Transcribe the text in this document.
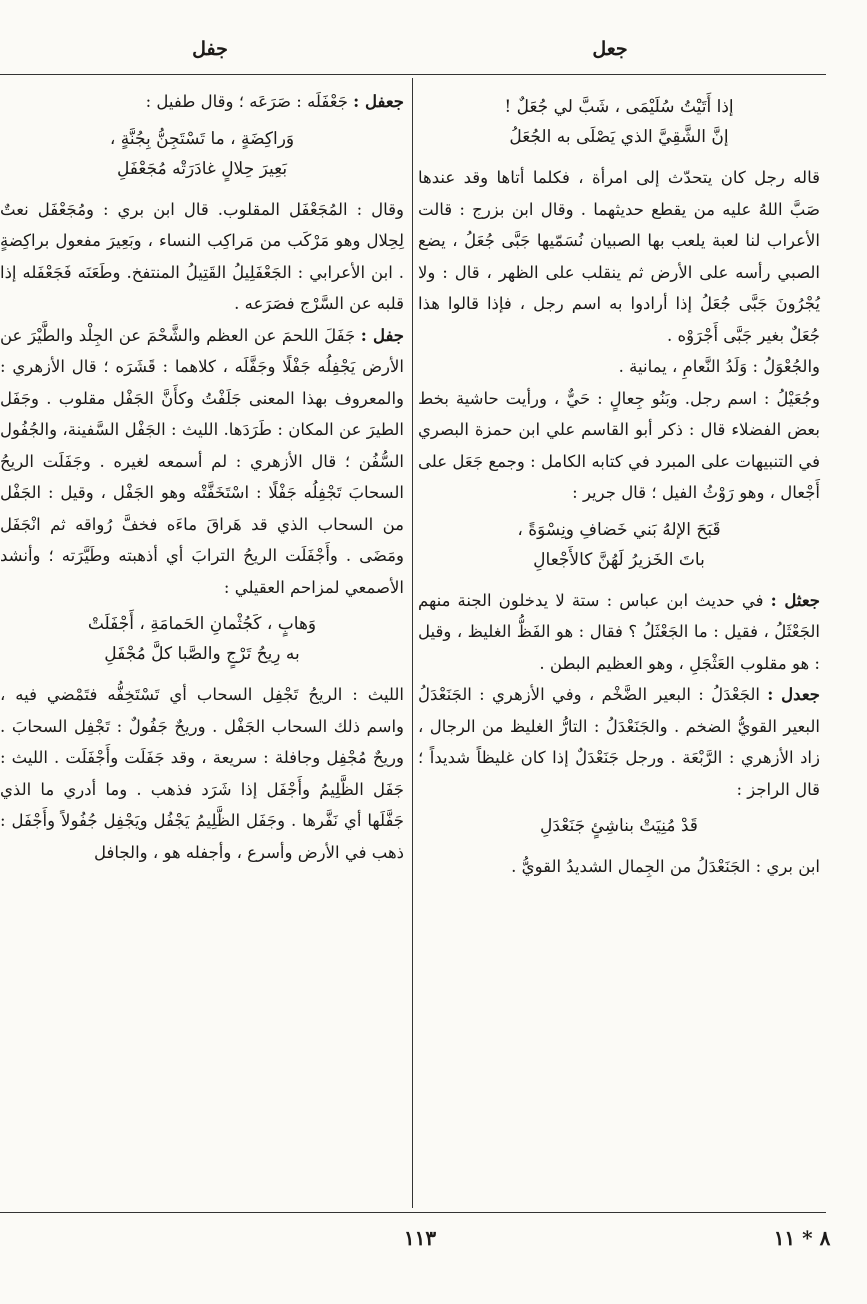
جعل
جفل
إذا أَتَيْتُ سُلَيْمَى ، شَبَّ لي جُعَلٌ !
إنَّ الشَّقِيَّ الذي يَصْلَى به الجُعَلُ

قاله رجل كان يتحدّث إلى امرأة ، فكلما أتاها وقد عندها صَبَّ اللهُ عليه من يقطع حديثهما . وقال ابن بزرج : قالت الأعراب لنا لعبة يلعب بها الصبيان نُسَمّيها جَبَّى جُعَلُ ، يضع الصبي رأسه على الأرض ثم ينقلب على الظهر ، قال : ولا يُجْرُونَ جَبَّى جُعَلُ إذا أرادوا به اسم رجل ، فإذا قالوا هذا جُعَلٌ بغير جَبَّى أَجْرَوْه .

والجُعْوَلُ : وَلَدُ النَّعامِ ، يمانية .

وجُعَيْلُ : اسم رجل. وبَنُو جِعالٍ : حَيٌّ ، ورأيت حاشية بخط بعض الفضلاء قال : ذكر أبو القاسم علي ابن حمزة البصري في التنبيهات على المبرد في كتابه الكامل : وجمع جَعَل على أَجْعال ، وهو رَوْثُ الفيل ؛ قال جرير :

قَبَحَ الإلهُ بَني خَضافِ ونِسْوَةً ،
باتَ الخَزيرُ لَهُنَّ كالأَجْعالِ

جعثل : في حديث ابن عباس : ستة لا يدخلون الجنة منهم الجَعْثَلُ ، فقيل : ما الجَعْثَلُ ؟ فقال : هو الفَظُّ الغليظ ، وقيل : هو مقلوب العَثْجَلِ ، وهو العظيم البطن .

جعدل : الجَعْدَلُ : البعير الضَّخْم ، وفي الأزهري : الجَنَعْدَلُ البعير القويُّ الضخم . والجَنَعْدَلُ : التارُّ الغليظ من الرجال ، زاد الأزهري : الرَّبْعَة . ورجل جَنَعْدَلٌ إذا كان غليظاً شديداً ؛ قال الراجز :

قَدْ مُنِيَتْ بناشِئٍ جَنَعْدَلِ

ابن بري : الجَنَعْدَلُ من الجِمال الشديدُ القويُّ .

جعفل : جَعْفَلَه : صَرَعَه ؛ وقال طفيل :

وَراكِضَةٍ ، ما تَسْتَجِنُّ بِجُنَّةٍ ،
بَعِيرَ حِلالٍ غادَرَتْه مُجَعْفَلِ

وقال : المُجَعْفَل المقلوب. قال ابن بري : ومُجَعْفَل نعتٌ لِحِلال وهو مَرْكَب من مَراكِب النساء ، وبَعِيرَ مفعول براكِضةٍ . ابن الأعرابي : الجَعْفَلِيلُ القَتِيلُ المنتفخ. وطَعَنَه فَجَعْفَله إذا قلبه عن السَّرْج فصَرَعه .

جفل : جَفَلَ اللحمَ عن العظم والشَّحْمَ عن الجِلْد والطَّيْرَ عن الأرض يَجْفِلُه جَفْلًا وجَفَّلَه ، كلاهما : قَشَرَه ؛ قال الأزهري : والمعروف بهذا المعنى جَلَفْتُ وكأَنَّ الجَفْل مقلوب . وجَفَل الطيرَ عن المكان : طَرَدَها. الليث : الجَفْل السَّفينة، والجُفُول السُّفُن ؛ قال الأزهري : لم أسمعه لغيره . وجَفَلَت الريحُ السحابَ تَجْفِلُه جَفْلًا : اسْتَخَفَّتْه وهو الجَفْل ، وقيل : الجَفْل من السحاب الذي قد هَراقَ ماءَه فخفَّ رُواقه ثم انْجَفَل ومَضَى . وأَجْفَلَت الريحُ الترابَ أي أذهبته وطَيَّرَته ؛ وأنشد الأصمعي لمزاحم العقيلي :

وَهابٍ ، كَجُثْمانِ الحَمامَةِ ، أَجْفَلَتْ
به رِيحُ تَرْجٍ والصَّبا كلَّ مُجْفَلِ

الليث : الريحُ تَجْفِل السحاب أي تَسْتَخِفُّه فتَمْضي فيه ، واسم ذلك السحاب الجَفْل . وريحٌ جَفُولٌ : تَجْفِل السحابَ . وريحٌ مُجْفِل وجافلة : سريعة ، وقد جَفَلَت وأَجْفَلَت . الليث : جَفَل الظَّلِيمُ وأَجْفَل إذا شَرَد فذهب . وما أدري ما الذي جَفَّلَها أي نَفَّرها . وجَفَل الظَّلِيمُ يَجْفُل ويَجْفِل جُفُولاً وأَجْفَل : ذهب في الأرض وأسرع ، وأجفله هو ، والجافل

١١٣	٨ * ١١
